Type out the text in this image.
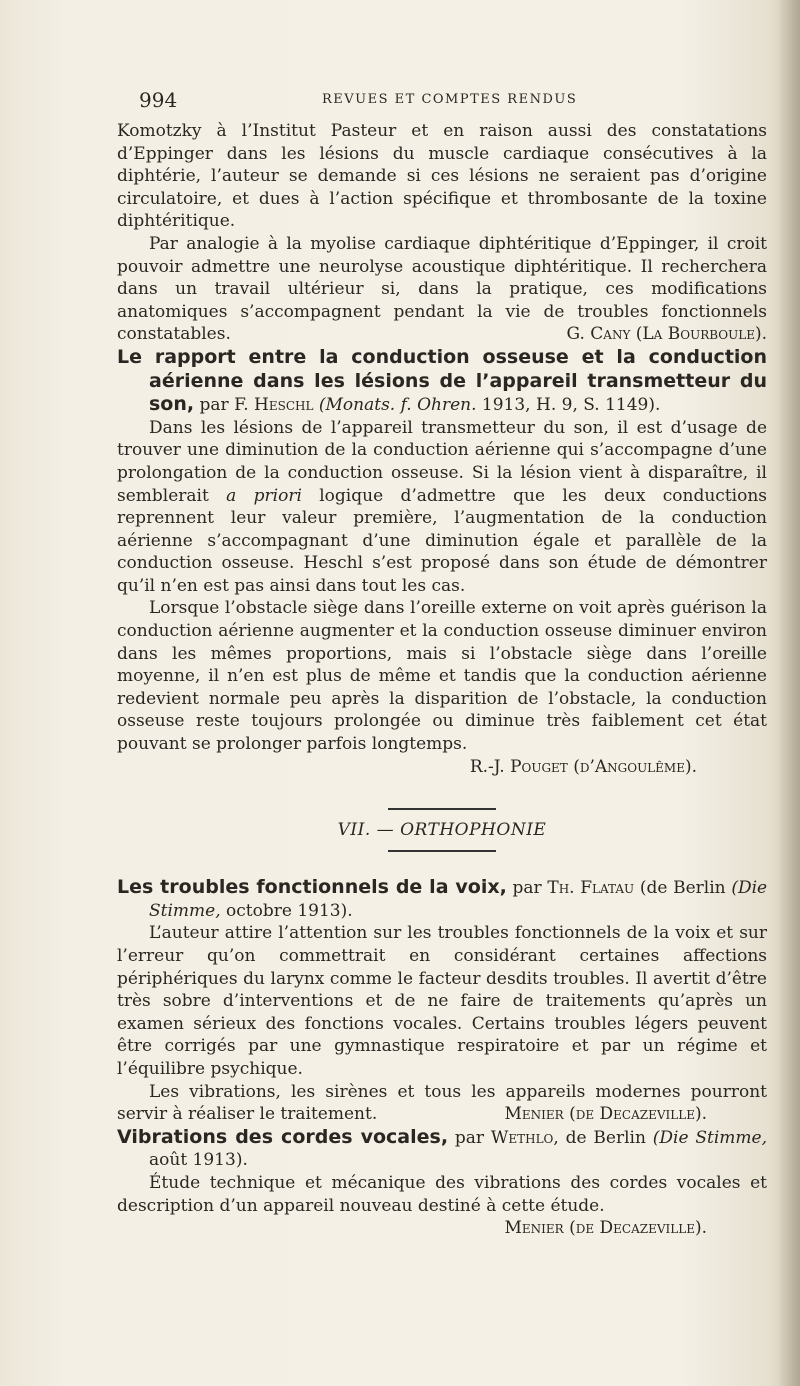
994	REVUES ET COMPTES RENDUS

Komotzky à l’Institut Pasteur et en raison aussi des constatations d’Eppinger dans les lésions du muscle cardiaque consécutives à la diphtérie, l’auteur se demande si ces lésions ne seraient pas d’origine circulatoire, et dues à l’action spécifique et thrombosante de la toxine diphtéritique.

Par analogie à la myolise cardiaque diphtéritique d’Eppinger, il croit pouvoir admettre une neurolyse acoustique diphtéritique. Il recherchera dans un travail ultérieur si, dans la pratique, ces modifications anatomiques s’accompagnent pendant la vie de troubles fonctionnels constatables.	G. Cany (La Bourboule).

Le rapport entre la conduction osseuse et la conduction aérienne dans les lésions de l’appareil transmetteur du son, par F. Heschl (Monats. f. Ohren. 1913, H. 9, S. 1149).

Dans les lésions de l’appareil transmetteur du son, il est d’usage de trouver une diminution de la conduction aérienne qui s’accompagne d’une prolongation de la conduction osseuse. Si la lésion vient à disparaître, il semblerait a priori logique d’admettre que les deux conductions reprennent leur valeur première, l’augmentation de la conduction aérienne s’accompagnant d’une diminution égale et parallèle de la conduction osseuse. Heschl s’est proposé dans son étude de démontrer qu’il n’en est pas ainsi dans tout les cas.

Lorsque l’obstacle siège dans l’oreille externe on voit après guérison la conduction aérienne augmenter et la conduction osseuse diminuer environ dans les mêmes proportions, mais si l’obstacle siège dans l’oreille moyenne, il n’en est plus de même et tandis que la conduction aérienne redevient normale peu après la disparition de l’obstacle, la conduction osseuse reste toujours prolongée ou diminue très faiblement cet état pouvant se prolonger parfois longtemps.

R.-J. Pouget (d’Angoulême).
VII. — ORTHOPHONIE

Les troubles fonctionnels de la voix, par Th. Flatau (de Berlin (Die Stimme, octobre 1913).

L’auteur attire l’attention sur les troubles fonctionnels de la voix et sur l’erreur qu’on commettrait en considérant certaines affections périphériques du larynx comme le facteur desdits troubles. Il avertit d’être très sobre d’interventions et de ne faire de traitements qu’après un examen sérieux des fonctions vocales. Certains troubles légers peuvent être corrigés par une gymnastique respiratoire et par un régime et l’équilibre psychique.

Les vibrations, les sirènes et tous les appareils modernes pourront servir à réaliser le traitement.	Menier (de Decazeville).

Vibrations des cordes vocales, par Wethlo, de Berlin (Die Stimme, août 1913).

Étude technique et mécanique des vibrations des cordes vocales et description d’un appareil nouveau destiné à cette étude.

Menier (de Decazeville).
